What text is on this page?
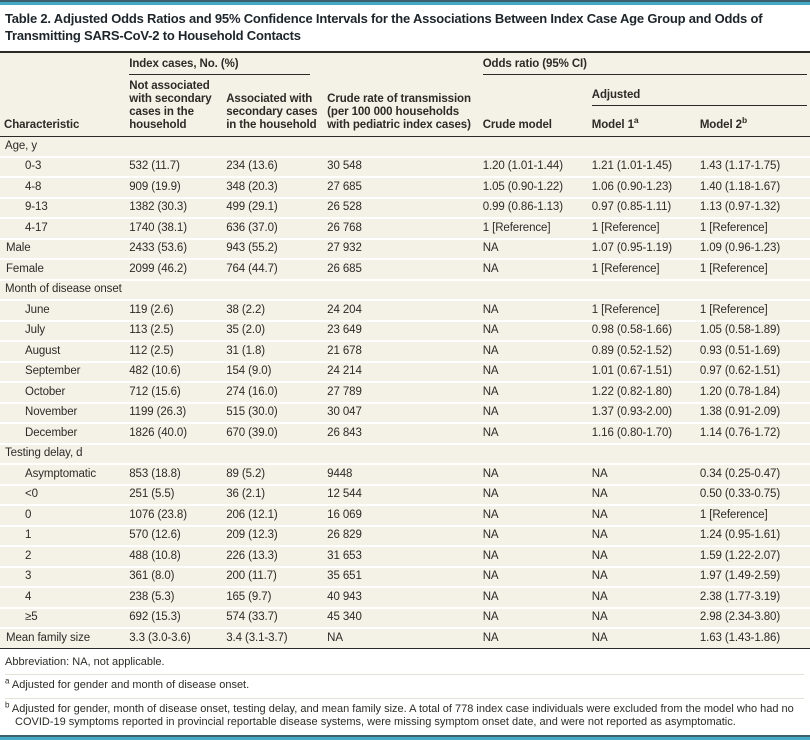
Table 2. Adjusted Odds Ratios and 95% Confidence Intervals for the Associations Between Index Case Age Group and Odds of Transmitting SARS-CoV-2 to Household Contacts

	Index cases, No. (%)			Odds ratio (95% CI)		

Characteristic	Not associated with secondary cases in the household	Associated with secondary cases in the household	Crude rate of transmission (per 100 000 households with pediatric index cases)	Crude model	Adjusted	

					Model 1$^a$	Model 2$^b$
Age, y						
0-3	532 (11.7)	234 (13.6)	30 548	1.20 (1.01-1.44)	1.21 (1.01-1.45)	1.43 (1.17-1.75)
4-8	909 (19.9)	348 (20.3)	27 685	1.05 (0.90-1.22)	1.06 (0.90-1.23)	1.40 (1.18-1.67)
9-13	1382 (30.3)	499 (29.1)	26 528	0.99 (0.86-1.13)	0.97 (0.85-1.11)	1.13 (0.97-1.32)
4-17	1740 (38.1)	636 (37.0)	26 768	1 [Reference]	1 [Reference]	1 [Reference]
Male	2433 (53.6)	943 (55.2)	27 932	NA	1.07 (0.95-1.19)	1.09 (0.96-1.23)
Female	2099 (46.2)	764 (44.7)	26 685	NA	1 [Reference]	1 [Reference]
Month of disease onset						
June	119 (2.6)	38 (2.2)	24 204	NA	1 [Reference]	1 [Reference]
July	113 (2.5)	35 (2.0)	23 649	NA	0.98 (0.58-1.66)	1.05 (0.58-1.89)
August	112 (2.5)	31 (1.8)	21 678	NA	0.89 (0.52-1.52)	0.93 (0.51-1.69)
September	482 (10.6)	154 (9.0)	24 214	NA	1.01 (0.67-1.51)	0.97 (0.62-1.51)
October	712 (15.6)	274 (16.0)	27 789	NA	1.22 (0.82-1.80)	1.20 (0.78-1.84)
November	1199 (26.3)	515 (30.0)	30 047	NA	1.37 (0.93-2.00)	1.38 (0.91-2.09)
December	1826 (40.0)	670 (39.0)	26 843	NA	1.16 (0.80-1.70)	1.14 (0.76-1.72)
Testing delay, d						
Asymptomatic	853 (18.8)	89 (5.2)	9448	NA	NA	0.34 (0.25-0.47)
<0	251 (5.5)	36 (2.1)	12 544	NA	NA	0.50 (0.33-0.75)
0	1076 (23.8)	206 (12.1)	16 069	NA	NA	1 [Reference]
1	570 (12.6)	209 (12.3)	26 829	NA	NA	1.24 (0.95-1.61)
2	488 (10.8)	226 (13.3)	31 653	NA	NA	1.59 (1.22-2.07)
3	361 (8.0)	200 (11.7)	35 651	NA	NA	1.97 (1.49-2.59)
4	238 (5.3)	165 (9.7)	40 943	NA	NA	2.38 (1.77-3.19)
≥5	692 (15.3)	574 (33.7)	45 340	NA	NA	2.98 (2.34-3.80)
Mean family size	3.3 (3.0-3.6)	3.4 (3.1-3.7)	NA	NA	NA	1.63 (1.43-1.86)
Abbreviation: NA, not applicable.
$^a$ Adjusted for gender and month of disease onset.
$^b$ Adjusted for gender, month of disease onset, testing delay, and mean family size. A total of 778 index case individuals were excluded from the model who had no COVID-19 symptoms reported in provincial reportable disease systems, were missing symptom onset date, and were not reported as asymptomatic.
